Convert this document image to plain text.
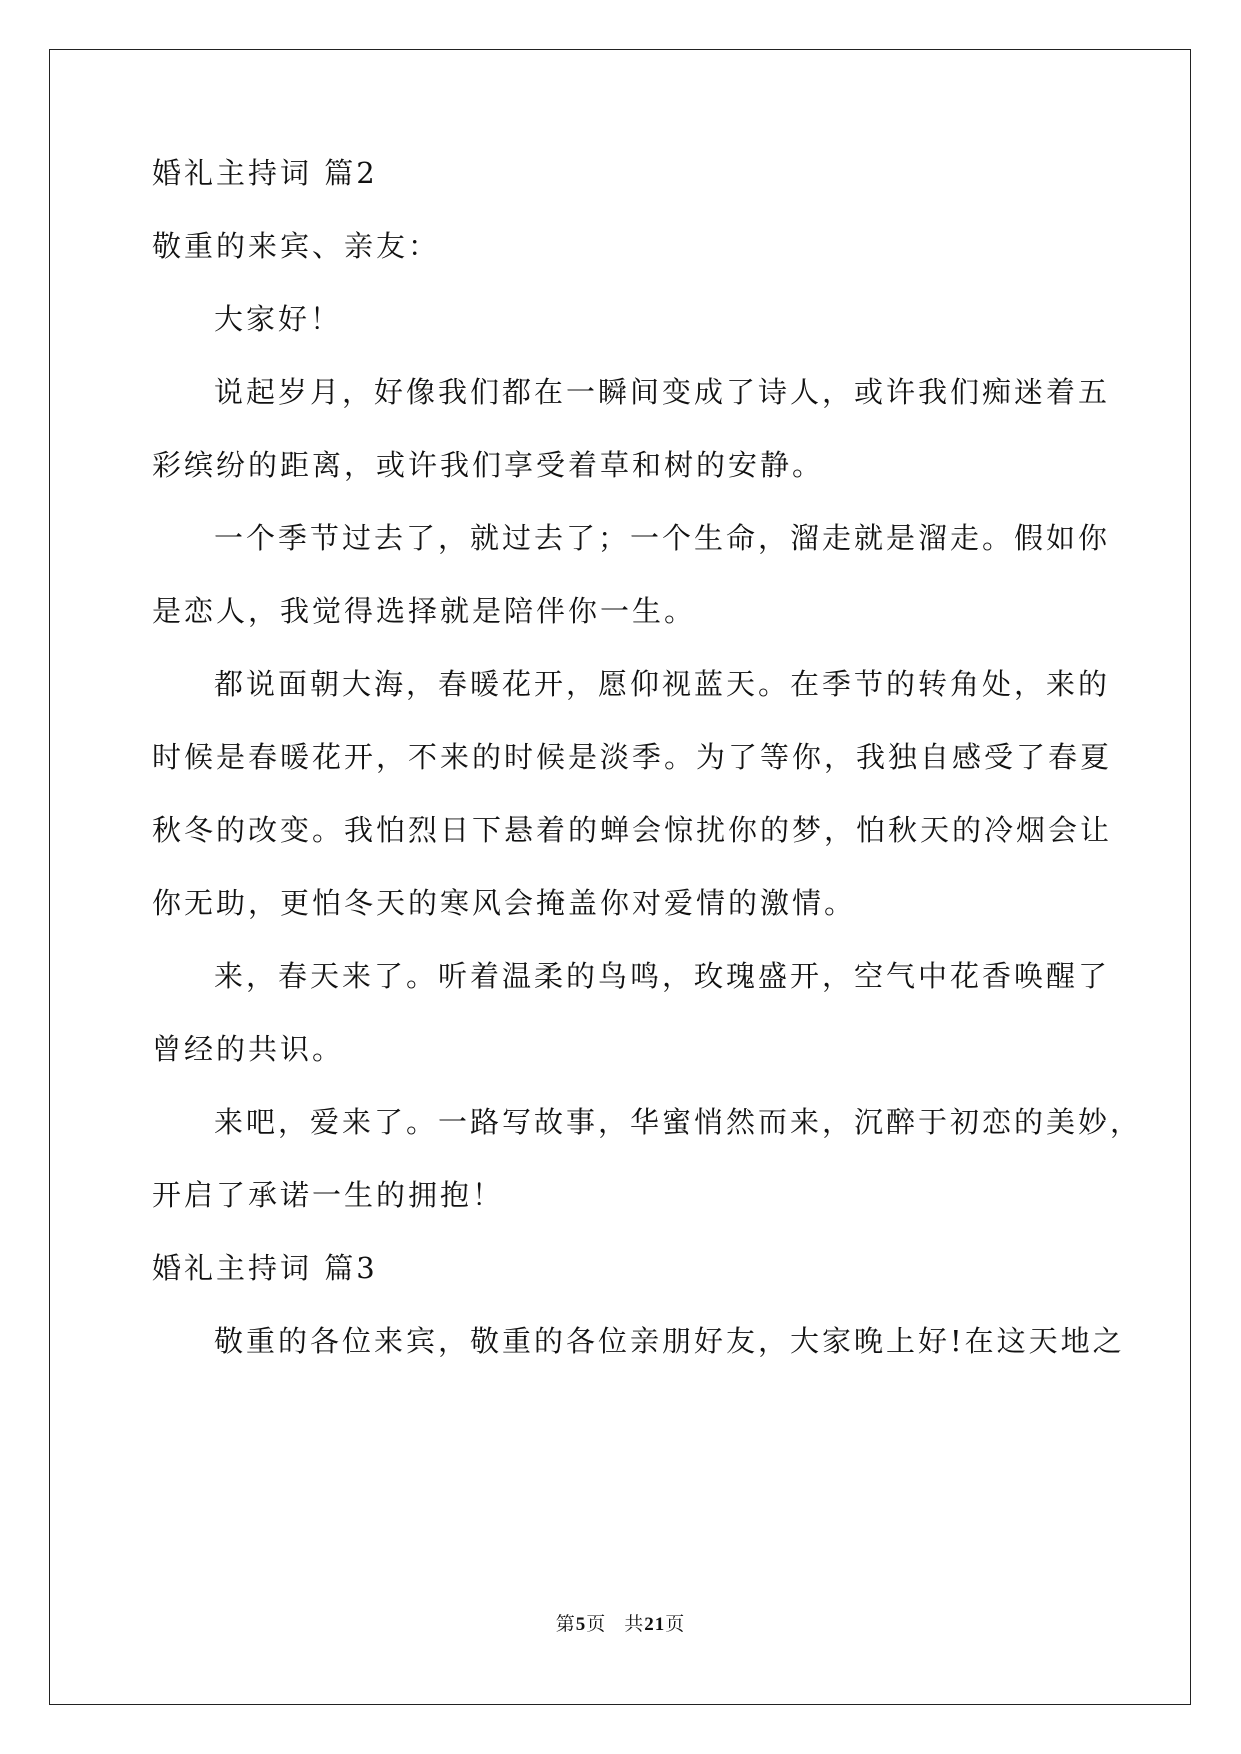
婚礼主持词 篇2
敬重的来宾、亲友：
大家好！
说起岁月，好像我们都在一瞬间变成了诗人，或许我们痴迷着五
彩缤纷的距离，或许我们享受着草和树的安静。
一个季节过去了，就过去了；一个生命，溜走就是溜走。假如你
是恋人，我觉得选择就是陪伴你一生。
都说面朝大海，春暖花开，愿仰视蓝天。在季节的转角处，来的
时候是春暖花开，不来的时候是淡季。为了等你，我独自感受了春夏
秋冬的改变。我怕烈日下悬着的蝉会惊扰你的梦，怕秋天的冷烟会让
你无助，更怕冬天的寒风会掩盖你对爱情的激情。
来，春天来了。听着温柔的鸟鸣，玫瑰盛开，空气中花香唤醒了
曾经的共识。
来吧，爱来了。一路写故事，华蜜悄然而来，沉醉于初恋的美妙，
开启了承诺一生的拥抱！
婚礼主持词 篇3
敬重的各位来宾，敬重的各位亲朋好友，大家晚上好!在这天地之
第5页 共21页
